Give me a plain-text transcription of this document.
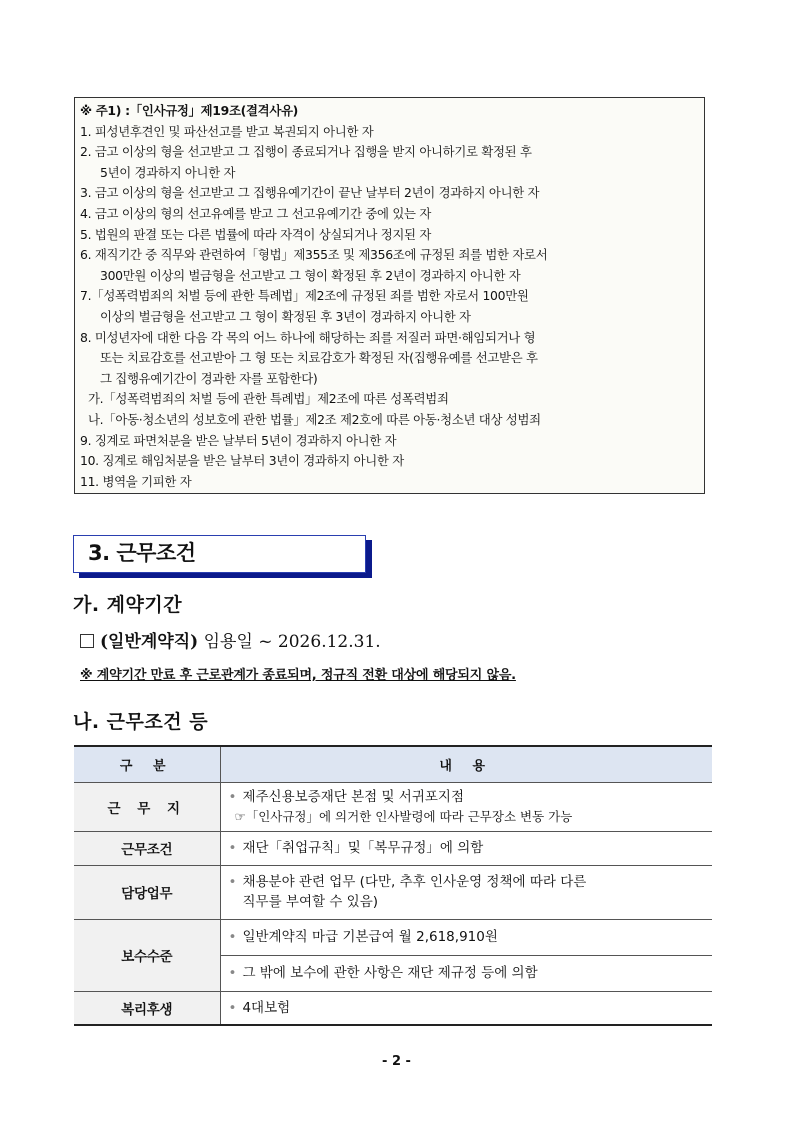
※ 주1) :「인사규정」제19조(결격사유)
1. 피성년후견인 및 파산선고를 받고 복권되지 아니한 자
2. 금고 이상의 형을 선고받고 그 집행이 종료되거나 집행을 받지 아니하기로 확정된 후
5년이 경과하지 아니한 자
3. 금고 이상의 형을 선고받고 그 집행유예기간이 끝난 날부터 2년이 경과하지 아니한 자
4. 금고 이상의 형의 선고유예를 받고 그 선고유예기간 중에 있는 자
5. 법원의 판결 또는 다른 법률에 따라 자격이 상실되거나 정지된 자
6. 재직기간 중 직무와 관련하여「형법」제355조 및 제356조에 규정된 죄를 범한 자로서
300만원 이상의 벌금형을 선고받고 그 형이 확정된 후 2년이 경과하지 아니한 자
7.「성폭력범죄의 처벌 등에 관한 특례법」제2조에 규정된 죄를 범한 자로서 100만원
이상의 벌금형을 선고받고 그 형이 확정된 후 3년이 경과하지 아니한 자
8. 미성년자에 대한 다음 각 목의 어느 하나에 해당하는 죄를 저질러 파면·해임되거나 형
또는 치료감호를 선고받아 그 형 또는 치료감호가 확정된 자(집행유예를 선고받은 후
그 집행유예기간이 경과한 자를 포함한다)
가.「성폭력범죄의 처벌 등에 관한 특례법」제2조에 따른 성폭력범죄
나.「아동·청소년의 성보호에 관한 법률」제2조 제2호에 따른 아동·청소년 대상 성범죄
9. 징계로 파면처분을 받은 날부터 5년이 경과하지 아니한 자
10. 징계로 해임처분을 받은 날부터 3년이 경과하지 아니한 자
11. 병역을 기피한 자
3. 근무조건
가. 계약기간
(일반계약직) 임용일 ~ 2026.12.31.
※ 계약기간 만료 후 근로관계가 종료되며, 정규직 전환 대상에 해당되지 않음.
나. 근무조건 등
구 분	내 용
근 무 지	• 제주신용보증재단 본점 및 서귀포지점
☞「인사규정」에 의거한 인사발령에 따라 근무장소 변동 가능

근무조건	• 재단「취업규칙」및「복무규정」에 의함
담당업무	• 채용분야 관련 업무 (다만, 추후 인사운영 정책에 따라 다른
직무를 부여할 수 있음)

보수수준	• 일반계약직 마급 기본급여 월 2,618,910원
	• 그 밖에 보수에 관한 사항은 재단 제규정 등에 의함
복리후생	• 4대보험
- 2 -
